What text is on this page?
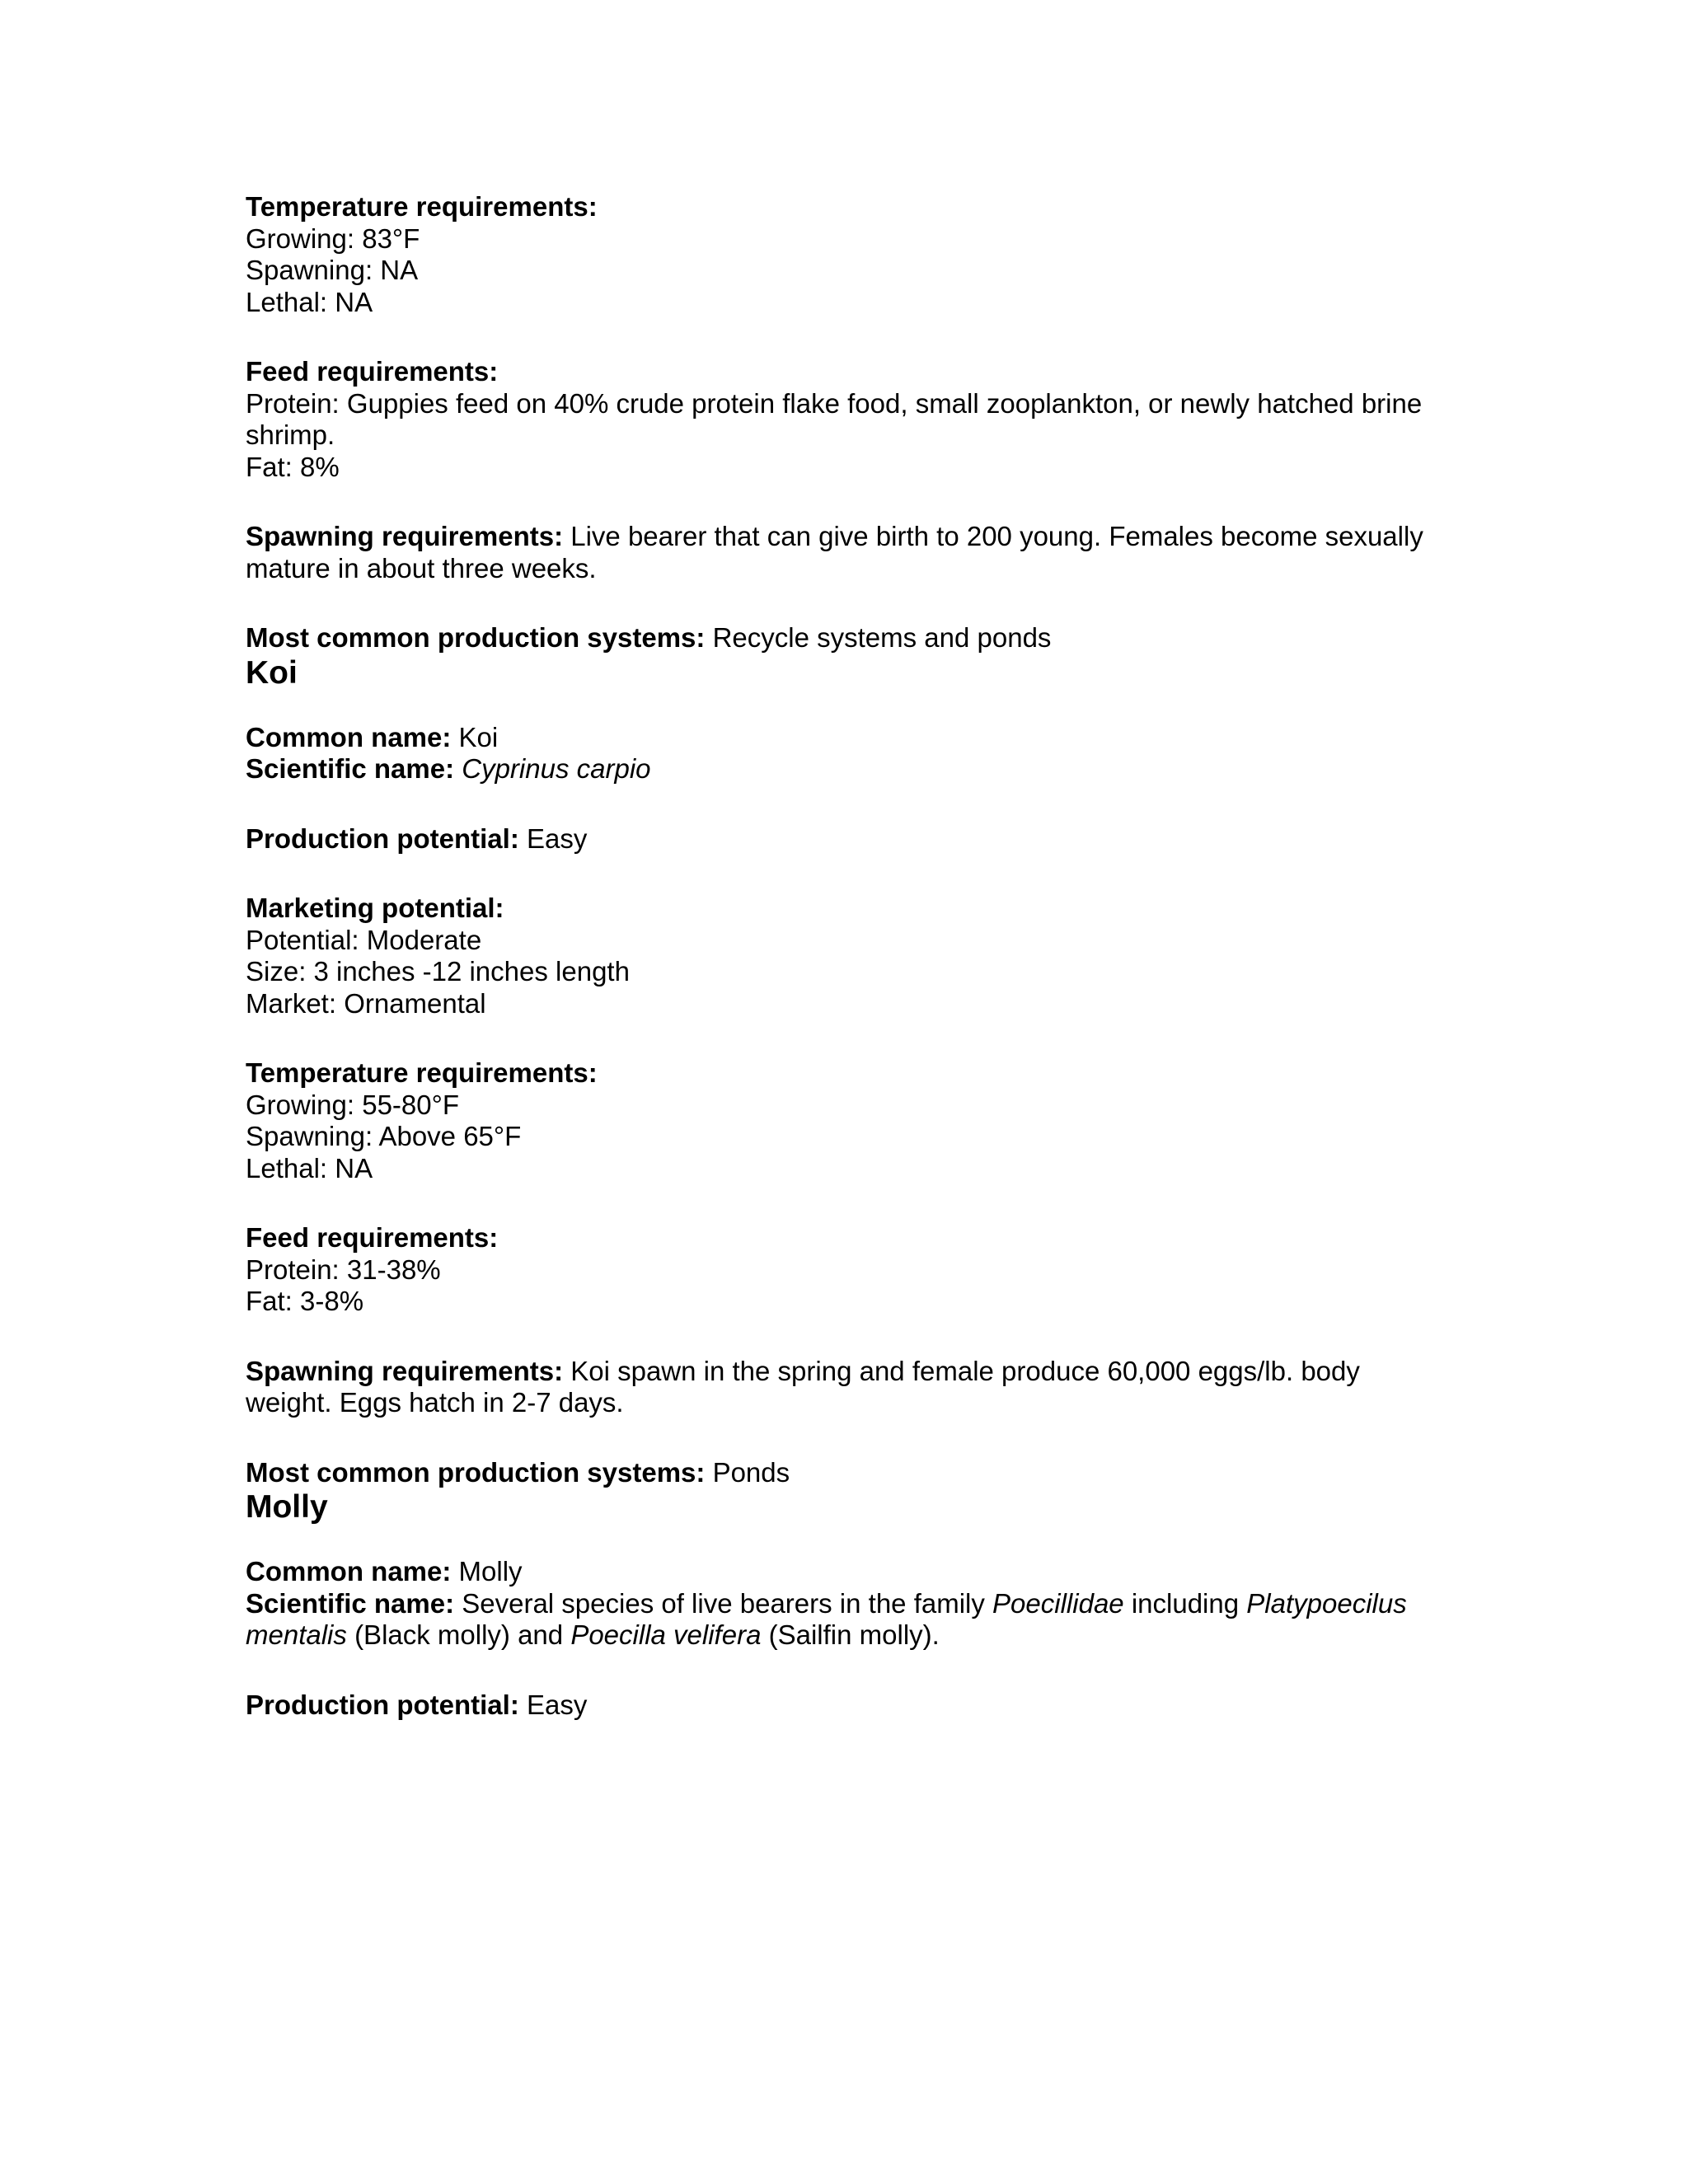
Temperature requirements:
Growing: 83°F
Spawning: NA
Lethal: NA

Feed requirements:
Protein: Guppies feed on 40% crude protein flake food, small zooplankton, or newly hatched brine shrimp.
Fat: 8%

Spawning requirements: Live bearer that can give birth to 200 young. Females become sexually mature in about three weeks.

Most common production systems: Recycle systems and ponds

Koi

Common name: Koi
Scientific name: Cyprinus carpio

Production potential: Easy

Marketing potential:
Potential: Moderate
Size: 3 inches -12 inches length
Market: Ornamental

Temperature requirements:
Growing: 55-80°F
Spawning: Above 65°F
Lethal: NA

Feed requirements:
Protein: 31-38%
Fat: 3-8%

Spawning requirements: Koi spawn in the spring and female produce 60,000 eggs/lb. body weight. Eggs hatch in 2-7 days.

Most common production systems: Ponds

Molly

Common name: Molly
Scientific name: Several species of live bearers in the family Poecillidae including Platypoecilus mentalis (Black molly) and Poecilla velifera (Sailfin molly).

Production potential: Easy
